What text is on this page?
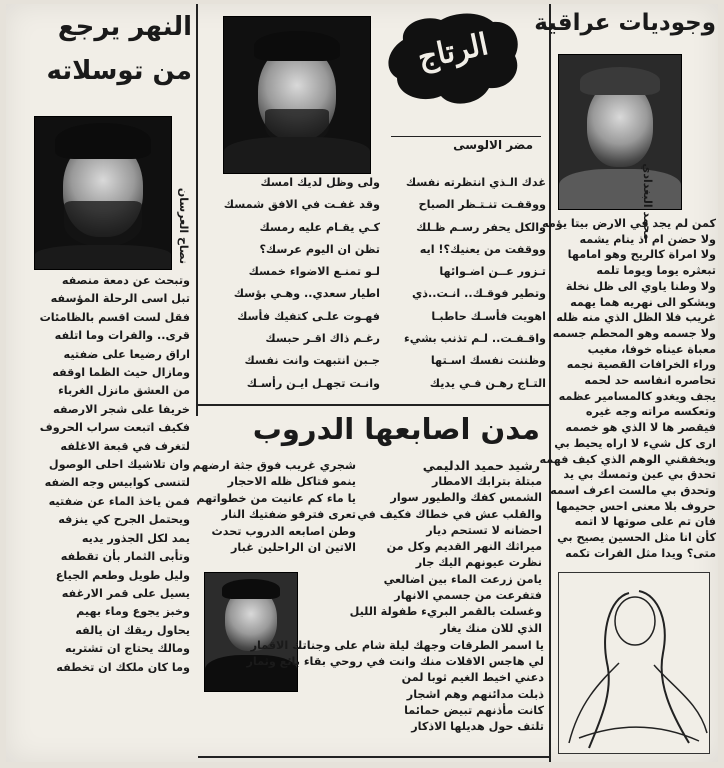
الرتاج
مضر الالوسى
وجوديات عراقية
محمد البغدادي
كمن لم يجد في الارض بيتا يؤمه
ولا حضن ام اذ ينام يشمه
ولا امراة كالريح وهو امامها
تبعثره يوما ويوما تلمه
ولا وطنا ياوي الى ظل نخلة
ويشكو الى نهريه هما يهمه
غريب فلا الظل الذي منه ظله
ولا جسمه وهو المحطم جسمه
معباة عيناه خوفا، مغيب
وراء الخرافات القصية نجمه
تحاصره انفاسه حد لحمه
يجف ويغدو كالمسامير عظمه
وتعكسه مراته وجه غيره
فيقصر ها لا الذي هو خصمه
ارى كل شيء لا اراه يحيط بي
ويخفقني الوهم الذي كيف فهمه
تحدق بي عين وتمسك بي يد
وتحدق بي مالست اعرف اسمه
حروف بلا معنى احس جحيمها
فان تم على صوتها لا اتمه
كأن انا مثل الحسين يصيح بي
متى؟ ويدا مثل الفرات تكمه
غدك الـذي انتظرته نفسك
ووقفـت تنـتـظر الصباح
والكل يحفر رسـم ظـلك
ووقفت من يعنيك؟! ايه
تـزور عــن اضـوائها
وتطير فوقـك.. انـت..ذي
اهويت فأسـك حاطبـا
واقـفـت.. لـم تذنب بشيء
وظننت نفسك اسـتها
التـاج رهـن فـي يديك
ولى وظل لديك امسك
وقد غفـت في الافق شمسك
كـي يقـام عليه رمسك
تظن ان اليوم عرسك؟
لـو تمنـع الاضواء خمسك
اطيار سعدي.. وهـي بؤسك
فهـوت علـى كتفيك فأسك
رغـم ذاك اقـر حبسك
جـبن انتبهت وانت نفسك
وانـت تجهـل ايـن رأسـك
النهر يرجع
من توسلاته
نصاح العرسان
وتبحث عن دمعة منصفه
تبل اسى الرحلة المؤسفه
فقل لست اقسم بالظامئات
قرى.. والفرات وما اتلفه
اراق رضيعا على ضفتيه
ومازال حيث الظما اوقفه
من العشق مانزل الغرباء
خريفا على شجر الارصفه
فكيف اتبعت سراب الحروف
لتغرف في قبعة الاغلفه
وان تلاشيك احلى الوصول
لتنسى كوابيس وجه الضفه
فمن ياخذ الماء عن ضفتيه
ويحتمل الجرح كي ينزفه
يمد لكل الجذور يديه
وتأبى الثمار بأن تقطفه
وليل طويل وطعم الجياع
يسيل على قمر الارغفه
وخبز يجوع وماء بهيم
يحاول ريقك ان يالفه
ومالك يحتاج ان تشتريه
وما كان ملكك ان تخطفه
مدن اصابعها الدروب
رشيد حميد الدليمي
مبتلة بترابك الامطار
الشمس كفك والطيور سوار
والقلب عش في خطاك فكيف في
احضانه لا تستحم ديار
ميراثك النهر القديم وكل من
نظرت عيونهم اليك جار
يامن زرعت الماء بين اضالعي
فتفرعت من جسمي الانهار
وغسلت بالقمر البريء طفولة الليل
الذي للان منك يغار
شجري غريب فوق جثة ارضهم
ينمو فتاكل ظله الاحجار
يا ماء كم عانيت من خطواتهم
تعرى فترفو ضفتيك النار
وطن اصابعه الدروب تحدث
الاتين ان الراحلين غبار
يا اسمر الطرقات وجهك ليلة شام على وجناتك الاقمار
لي هاجس الاقلات منك وانت في روحي بقاء بائع وثمار
دعني اخيط الغيم ثوبا لمن
ذبلت مدائنهم وهم اشجار
كانت مأذنهم تبيض حمائما
تلتف حول هديلها الاذكار
